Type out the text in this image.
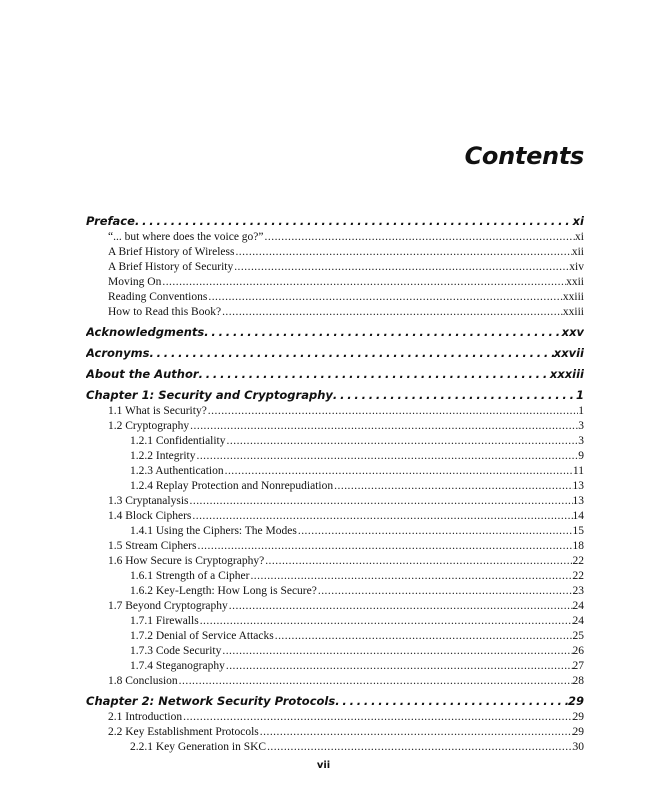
Contents
Preface . . .	xi
“... but where does the voice go?” . . .	xi
A Brief History of Wireless . . .	xii
A Brief History of Security . . .	xiv
Moving On . . .	xxii
Reading Conventions . . .	xxiii
How to Read this Book? . . .	xxiii
Acknowledgments . . .	xxv
Acronyms . . .	xxvii
About the Author . . .	xxxiii
Chapter 1: Security and Cryptography . . .	1
1.1 What is Security? . . .	1
1.2 Cryptography . . .	3
1.2.1 Confidentiality . . .	3
1.2.2 Integrity . . .	9
1.2.3 Authentication . . .	11
1.2.4 Replay Protection and Nonrepudiation . . .	13
1.3 Cryptanalysis . . .	13
1.4 Block Ciphers . . .	14
1.4.1 Using the Ciphers: The Modes . . .	15
1.5 Stream Ciphers . . .	18
1.6 How Secure is Cryptography? . . .	22
1.6.1 Strength of a Cipher . . .	22
1.6.2 Key-Length: How Long is Secure? . . .	23
1.7 Beyond Cryptography . . .	24
1.7.1 Firewalls . . .	24
1.7.2 Denial of Service Attacks . . .	25
1.7.3 Code Security . . .	26
1.7.4 Steganography . . .	27
1.8 Conclusion . . .	28
Chapter 2: Network Security Protocols . . .	29
2.1 Introduction . . .	29
2.2 Key Establishment Protocols . . .	29
2.2.1 Key Generation in SKC . . .	30
vii
